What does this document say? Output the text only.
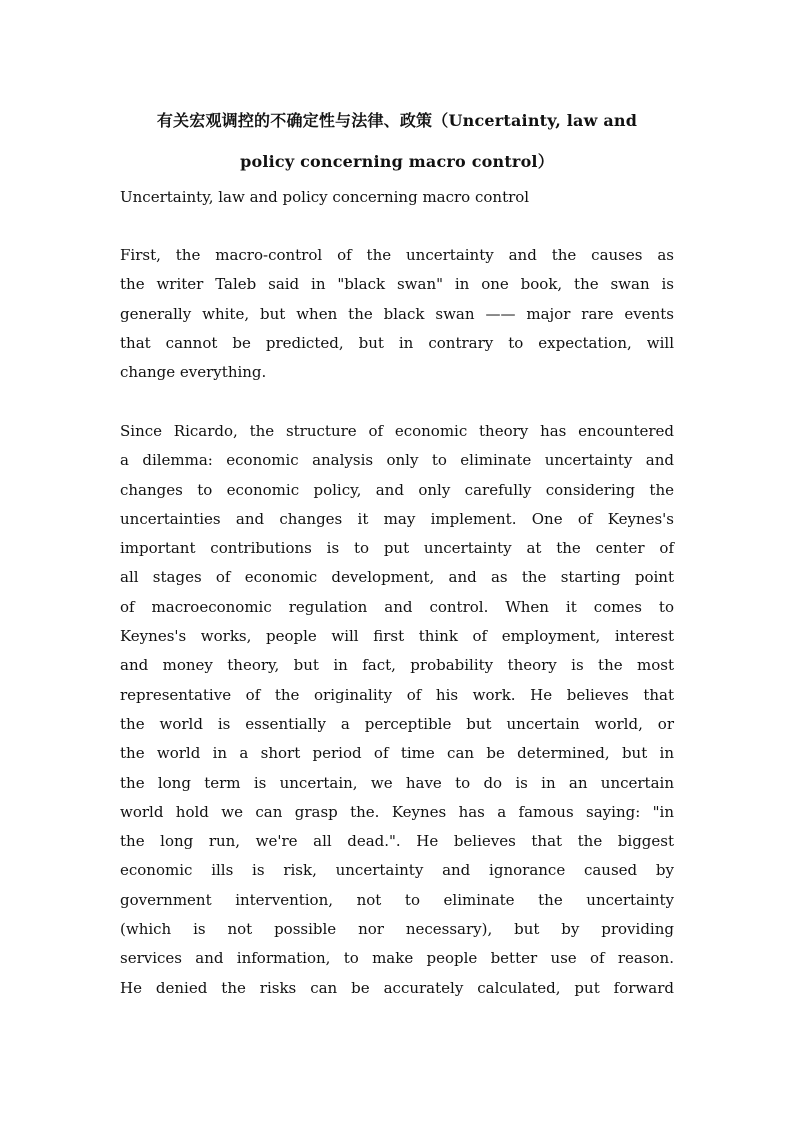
有关宏观调控的不确定性与法律、政策（Uncertainty, law and
policy concerning macro control）
Uncertainty, law and policy concerning macro control
First, the macro-control of the uncertainty and the causes as
the writer Taleb said in "black swan" in one book, the swan is
generally white, but when the black swan —— major rare events
that cannot be predicted, but in contrary to expectation, will
change everything.
Since Ricardo, the structure of economic theory has encountered
a dilemma: economic analysis only to eliminate uncertainty and
changes to economic policy, and only carefully considering the
uncertainties and changes it may implement. One of Keynes's
important contributions is to put uncertainty at the center of
all stages of economic development, and as the starting point
of macroeconomic regulation and control. When it comes to
Keynes's works, people will first think of employment, interest
and money theory, but in fact, probability theory is the most
representative of the originality of his work. He believes that
the world is essentially a perceptible but uncertain world, or
the world in a short period of time can be determined, but in
the long term is uncertain, we have to do is in an uncertain
world hold we can grasp the. Keynes has a famous saying: "in
the long run, we're all dead.". He believes that the biggest
economic ills is risk, uncertainty and ignorance caused by
government intervention, not to eliminate the uncertainty
(which is not possible nor necessary), but by providing
services and information, to make people better use of reason.
He denied the risks can be accurately calculated, put forward
